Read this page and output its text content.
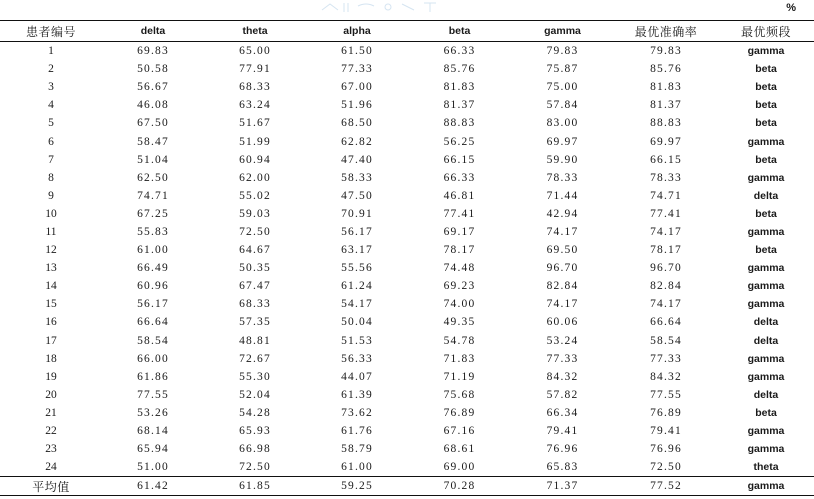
%
患者编号	delta	theta	alpha	beta	gamma	最优准确率	最优频段
1	69.83	65.00	61.50	66.33	79.83	79.83	gamma
2	50.58	77.91	77.33	85.76	75.87	85.76	beta
3	56.67	68.33	67.00	81.83	75.00	81.83	beta
4	46.08	63.24	51.96	81.37	57.84	81.37	beta
5	67.50	51.67	68.50	88.83	83.00	88.83	beta
6	58.47	51.99	62.82	56.25	69.97	69.97	gamma
7	51.04	60.94	47.40	66.15	59.90	66.15	beta
8	62.50	62.00	58.33	66.33	78.33	78.33	gamma
9	74.71	55.02	47.50	46.81	71.44	74.71	delta
10	67.25	59.03	70.91	77.41	42.94	77.41	beta
11	55.83	72.50	56.17	69.17	74.17	74.17	gamma
12	61.00	64.67	63.17	78.17	69.50	78.17	beta
13	66.49	50.35	55.56	74.48	96.70	96.70	gamma
14	60.96	67.47	61.24	69.23	82.84	82.84	gamma
15	56.17	68.33	54.17	74.00	74.17	74.17	gamma
16	66.64	57.35	50.04	49.35	60.06	66.64	delta
17	58.54	48.81	51.53	54.78	53.24	58.54	delta
18	66.00	72.67	56.33	71.83	77.33	77.33	gamma
19	61.86	55.30	44.07	71.19	84.32	84.32	gamma
20	77.55	52.04	61.39	75.68	57.82	77.55	delta
21	53.26	54.28	73.62	76.89	66.34	76.89	beta
22	68.14	65.93	61.76	67.16	79.41	79.41	gamma
23	65.94	66.98	58.79	68.61	76.96	76.96	gamma
24	51.00	72.50	61.00	69.00	65.83	72.50	theta
平均值	61.42	61.85	59.25	70.28	71.37	77.52	gamma
